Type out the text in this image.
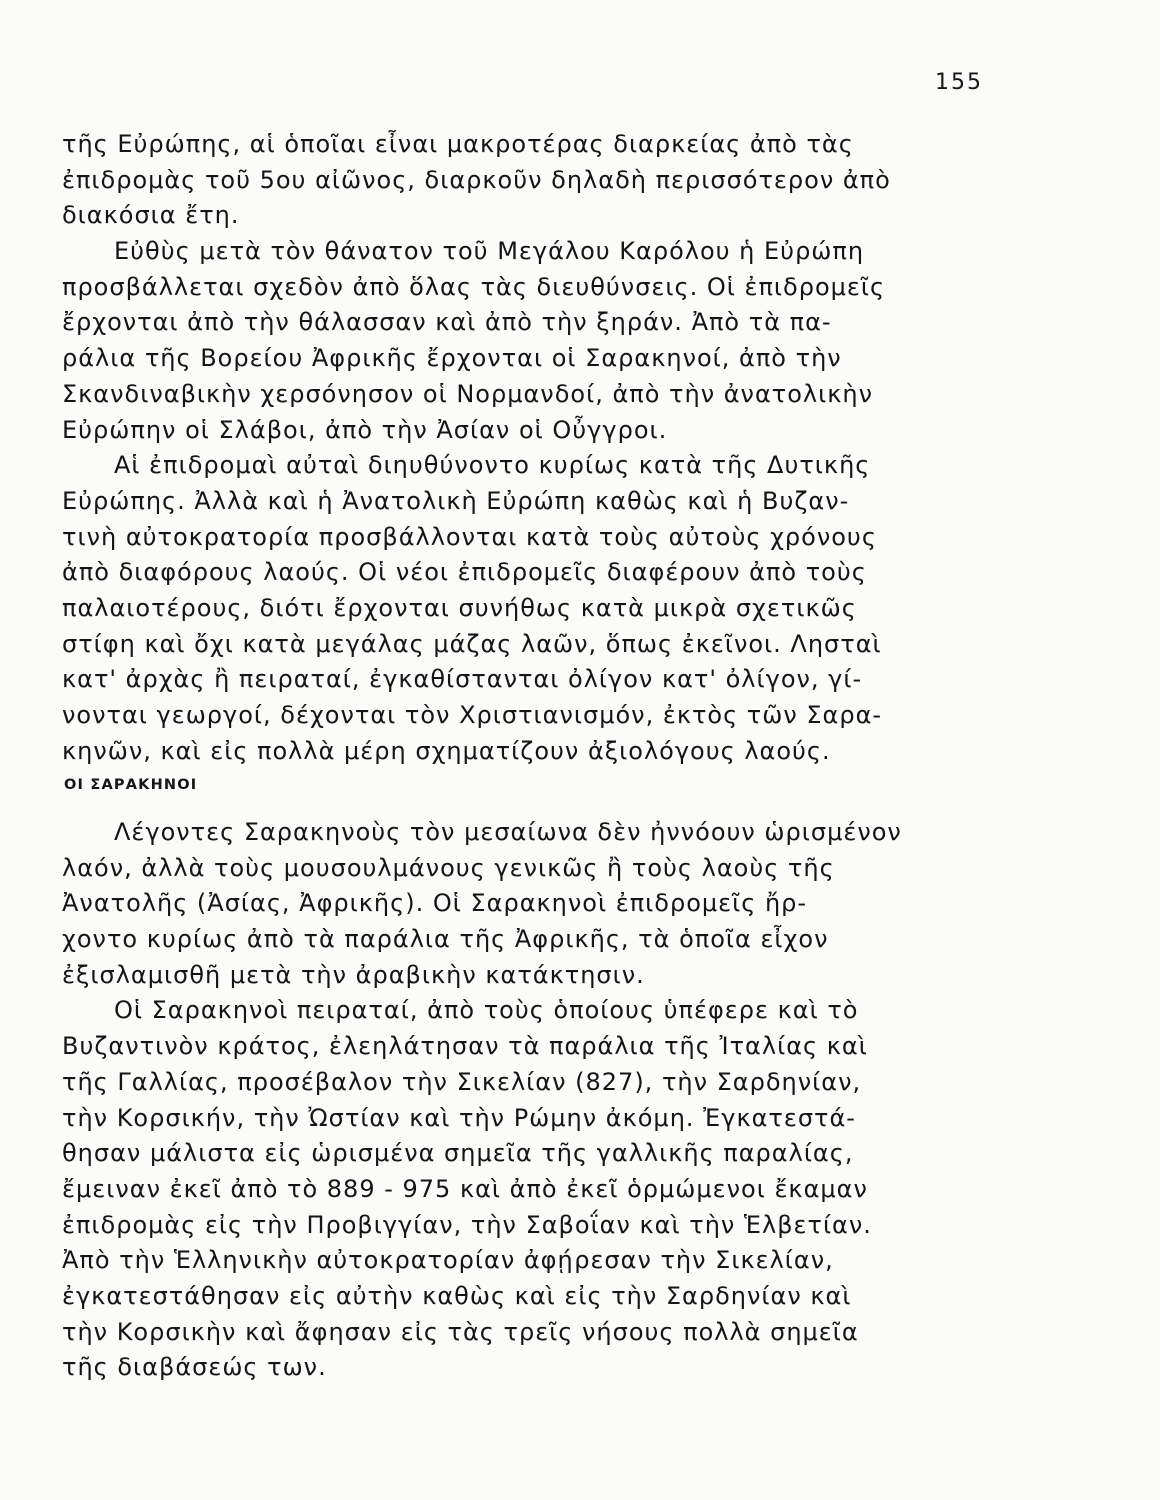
155
τῆς Εὐρώπης, αἱ ὁποῖαι εἶναι μακροτέρας διαρκείας ἀπὸ τὰς
ἐπιδρομὰς τοῦ 5ου αἰῶνος, διαρκοῦν δηλαδὴ περισσότερον ἀπὸ
διακόσια ἔτη.
Εὐθὺς μετὰ τὸν θάνατον τοῦ Μεγάλου Καρόλου ἡ Εὐρώπη
προσβάλλεται σχεδὸν ἀπὸ ὅλας τὰς διευθύνσεις. Οἱ ἐπιδρομεῖς
ἔρχονται ἀπὸ τὴν θάλασσαν καὶ ἀπὸ τὴν ξηράν. Ἀπὸ τὰ πα-
ράλια τῆς Βορείου Ἀφρικῆς ἔρχονται οἱ Σαρακηνοί, ἀπὸ τὴν
Σκανδιναβικὴν χερσόνησον οἱ Νορμανδοί, ἀπὸ τὴν ἀνατολικὴν
Εὐρώπην οἱ Σλάβοι, ἀπὸ τὴν Ἀσίαν οἱ Οὖγγροι.
Αἱ ἐπιδρομαὶ αὐταὶ διηυθύνοντο κυρίως κατὰ τῆς Δυτικῆς
Εὐρώπης. Ἀλλὰ καὶ ἡ Ἀνατολικὴ Εὐρώπη καθὼς καὶ ἡ Βυζαν-
τινὴ αὐτοκρατορία προσβάλλονται κατὰ τοὺς αὐτοὺς χρόνους
ἀπὸ διαφόρους λαούς. Οἱ νέοι ἐπιδρομεῖς διαφέρουν ἀπὸ τοὺς
παλαιοτέρους, διότι ἔρχονται συνήθως κατὰ μικρὰ σχετικῶς
στίφη καὶ ὄχι κατὰ μεγάλας μάζας λαῶν, ὅπως ἐκεῖνοι. Λησταὶ
κατ' ἀρχὰς ἢ πειραταί, ἐγκαθίστανται ὀλίγον κατ' ὀλίγον, γί-
νονται γεωργοί, δέχονται τὸν Χριστιανισμόν, ἐκτὸς τῶν Σαρα-
κηνῶν, καὶ εἰς πολλὰ μέρη σχηματίζουν ἀξιολόγους λαούς.
ΟΙ ΣΑΡΑΚΗΝΟΙ
Λέγοντες Σαρακηνοὺς τὸν μεσαίωνα δὲν ἠννόουν ὡρισμένον
λαόν, ἀλλὰ τοὺς μουσουλμάνους γενικῶς ἢ τοὺς λαοὺς τῆς
Ἀνατολῆς (Ἀσίας, Ἀφρικῆς). Οἱ Σαρακηνοὶ ἐπιδρομεῖς ἤρ-
χοντο κυρίως ἀπὸ τὰ παράλια τῆς Ἀφρικῆς, τὰ ὁποῖα εἶχον
ἐξισλαμισθῆ μετὰ τὴν ἀραβικὴν κατάκτησιν.
Οἱ Σαρακηνοὶ πειραταί, ἀπὸ τοὺς ὁποίους ὑπέφερε καὶ τὸ
Βυζαντινὸν κράτος, ἐλεηλάτησαν τὰ παράλια τῆς Ἰταλίας καὶ
τῆς Γαλλίας, προσέβαλον τὴν Σικελίαν (827), τὴν Σαρδηνίαν,
τὴν Κορσικήν, τὴν Ὠστίαν καὶ τὴν Ρώμην ἀκόμη. Ἐγκατεστά-
θησαν μάλιστα εἰς ὡρισμένα σημεῖα τῆς γαλλικῆς παραλίας,
ἔμειναν ἐκεῖ ἀπὸ τὸ 889 - 975 καὶ ἀπὸ ἐκεῖ ὁρμώμενοι ἔκαμαν
ἐπιδρομὰς εἰς τὴν Προβιγγίαν, τὴν Σαβοΐαν καὶ τὴν Ἑλβετίαν.
Ἀπὸ τὴν Ἑλληνικὴν αὐτοκρατορίαν ἀφῄρεσαν τὴν Σικελίαν,
ἐγκατεστάθησαν εἰς αὐτὴν καθὼς καὶ εἰς τὴν Σαρδηνίαν καὶ
τὴν Κορσικὴν καὶ ἄφησαν εἰς τὰς τρεῖς νήσους πολλὰ σημεῖα
τῆς διαβάσεώς των.
